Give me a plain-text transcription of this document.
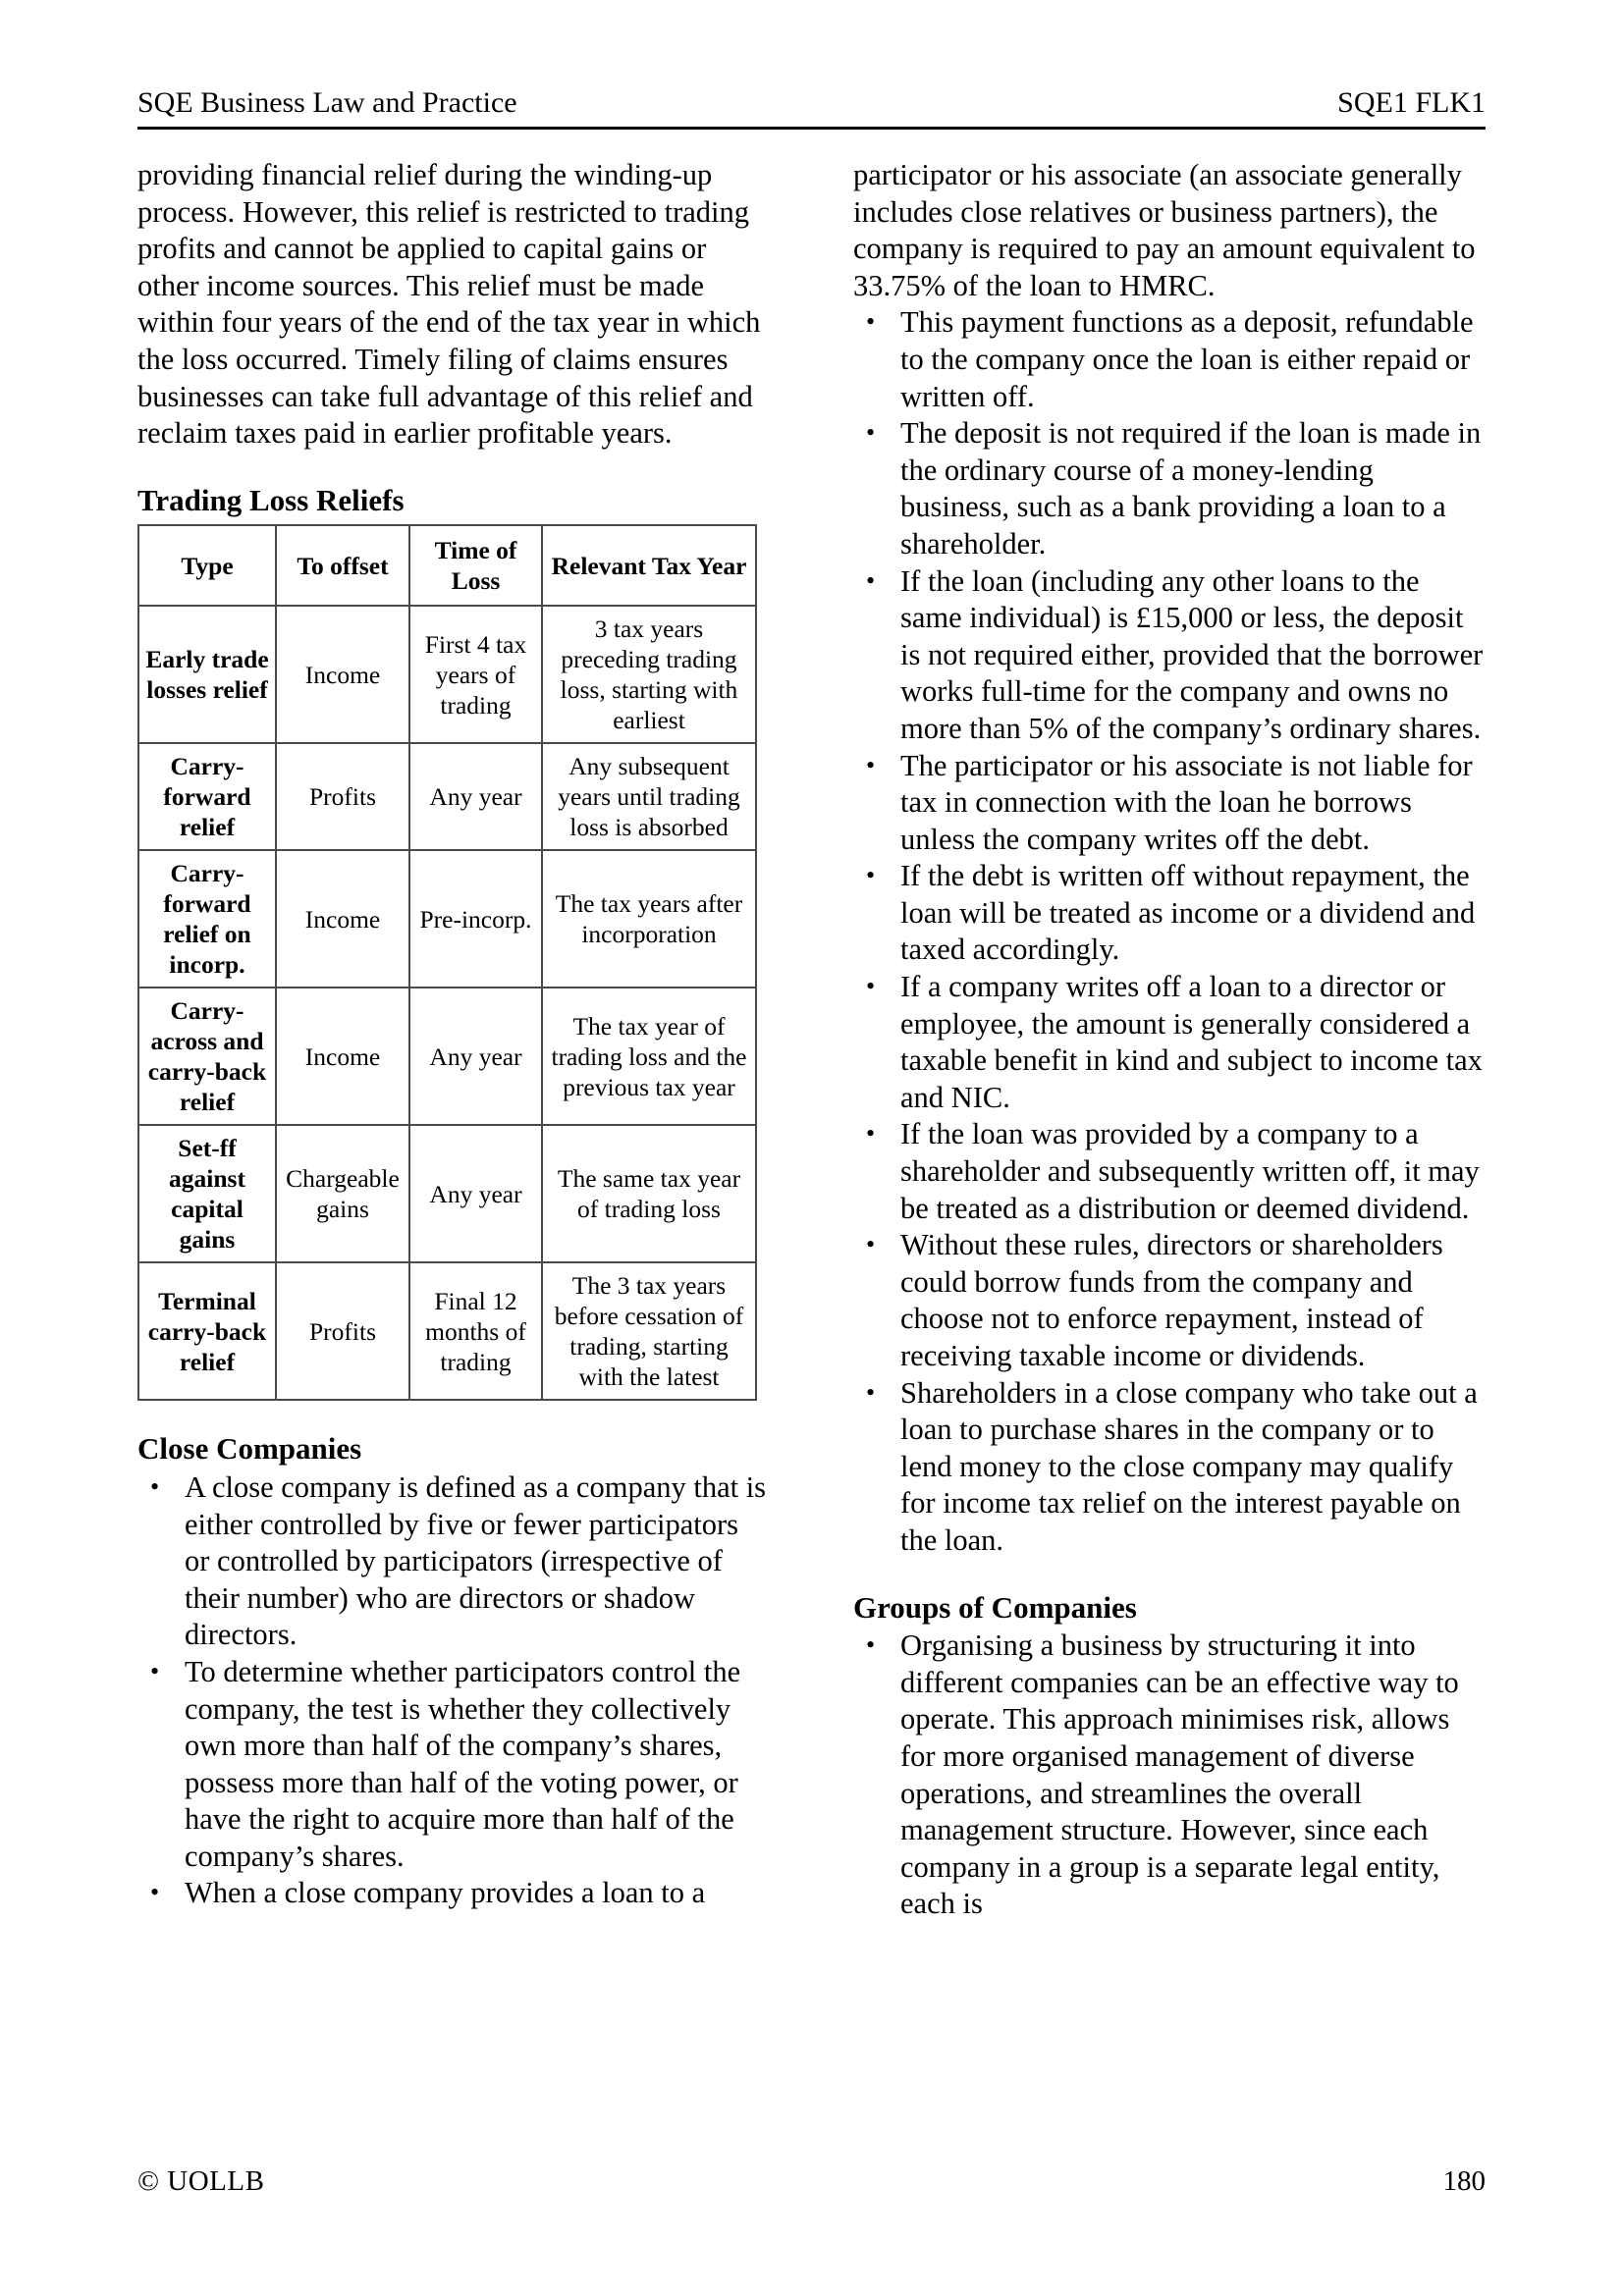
SQE Business Law and Practice	SQE1 FLK1

providing financial relief during the winding-up process. However, this relief is restricted to trading profits and cannot be applied to capital gains or other income sources. This relief must be made within four years of the end of the tax year in which the loss occurred. Timely filing of claims ensures businesses can take full advantage of this relief and reclaim taxes paid in earlier profitable years.

Trading Loss Reliefs
Type	To offset	Time of Loss	Relevant Tax Year
Early trade losses relief	Income	First 4 tax years of trading	3 tax years preceding trading loss, starting with earliest
Carry-forward relief	Profits	Any year	Any subsequent years until trading loss is absorbed
Carry-forward relief on incorp.	Income	Pre-incorp.	The tax years after incorporation
Carry-across and carry-back relief	Income	Any year	The tax year of trading loss and the previous tax year
Set-ff against capital gains	Chargeable gains	Any year	The same tax year of trading loss
Terminal carry-back relief	Profits	Final 12 months of trading	The 3 tax years before cessation of trading, starting with the latest
Close Companies
• A close company is defined as a company that is either controlled by five or fewer participators or controlled by participators (irrespective of their number) who are directors or shadow directors.
• To determine whether participators control the company, the test is whether they collectively own more than half of the company’s shares, possess more than half of the voting power, or have the right to acquire more than half of the company’s shares.
• When a close company provides a loan to a

participator or his associate (an associate generally includes close relatives or business partners), the company is required to pay an amount equivalent to 33.75% of the loan to HMRC.

• This payment functions as a deposit, refundable to the company once the loan is either repaid or written off.
• The deposit is not required if the loan is made in the ordinary course of a money-lending business, such as a bank providing a loan to a shareholder.
• If the loan (including any other loans to the same individual) is £15,000 or less, the deposit is not required either, provided that the borrower works full-time for the company and owns no more than 5% of the company’s ordinary shares.
• The participator or his associate is not liable for tax in connection with the loan he borrows unless the company writes off the debt.
• If the debt is written off without repayment, the loan will be treated as income or a dividend and taxed accordingly.
• If a company writes off a loan to a director or employee, the amount is generally considered a taxable benefit in kind and subject to income tax and NIC.
• If the loan was provided by a company to a shareholder and subsequently written off, it may be treated as a distribution or deemed dividend.
• Without these rules, directors or shareholders could borrow funds from the company and choose not to enforce repayment, instead of receiving taxable income or dividends.
• Shareholders in a close company who take out a loan to purchase shares in the company or to lend money to the close company may qualify for income tax relief on the interest payable on the loan.
Groups of Companies
• Organising a business by structuring it into different companies can be an effective way to operate. This approach minimises risk, allows for more organised management of diverse operations, and streamlines the overall management structure. However, since each company in a group is a separate legal entity, each is
© UOLLB	180
